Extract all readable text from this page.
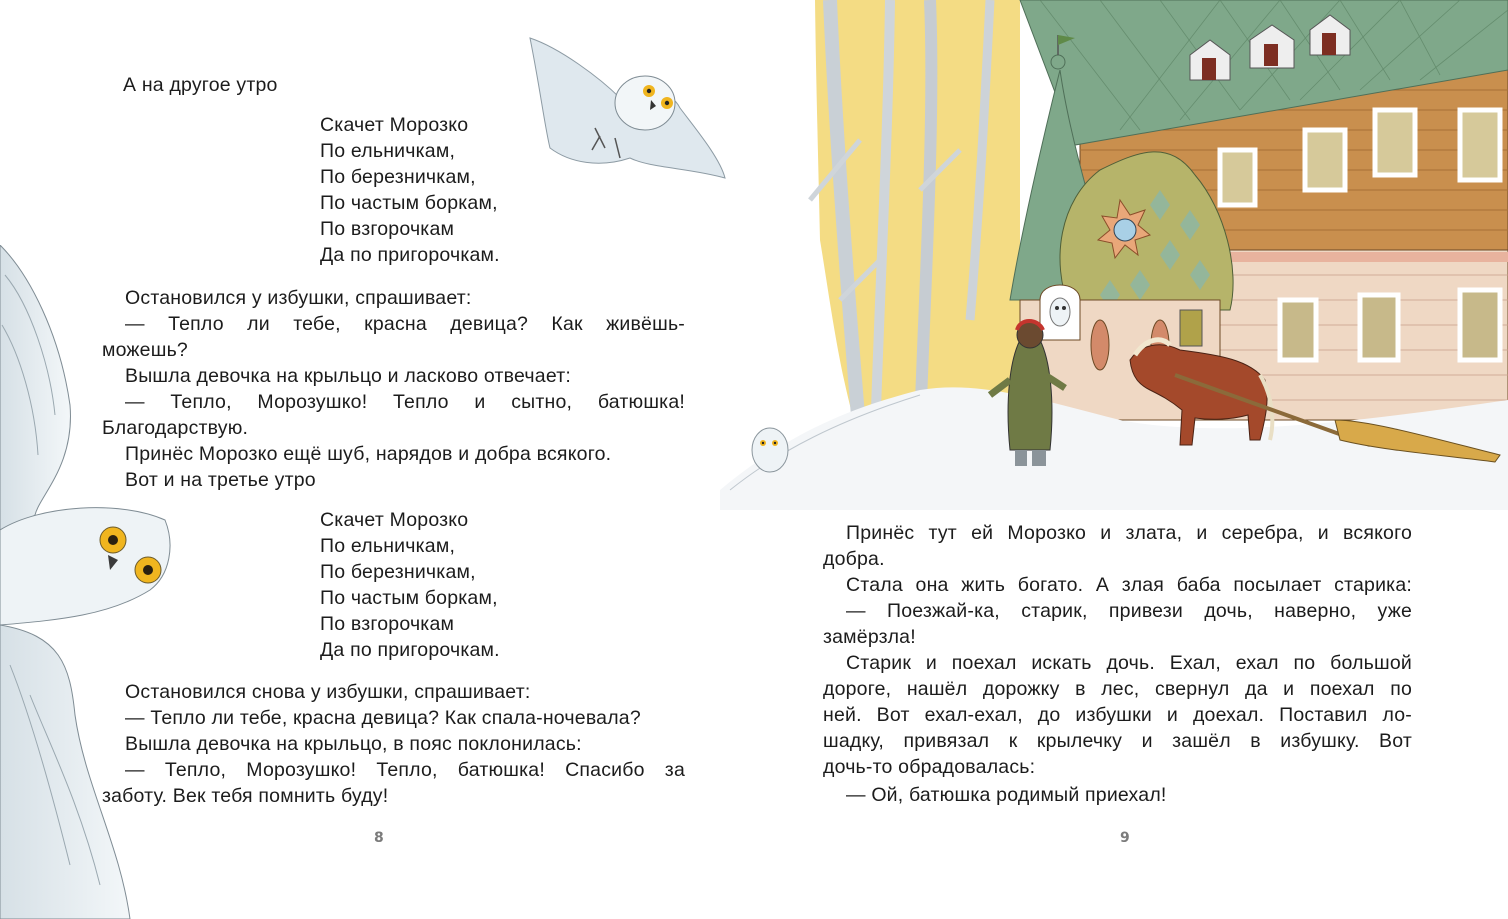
А на другое утро
Скачет Морозко
По ельничкам,
По березничкам,
По частым боркам,
По взгорочкам
Да по пригорочкам.
Остановился у избушки, спрашивает:
— Тепло ли тебе, красна девица? Как живёшь-
можешь?
Вышла девочка на крыльцо и ласково отвечает:
— Тепло, Морозушко! Тепло и сытно, батюшка!
Благодарствую.
Принёс Морозко ещё шуб, нарядов и добра всякого.
Вот и на третье утро
Скачет Морозко
По ельничкам,
По березничкам,
По частым боркам,
По взгорочкам
Да по пригорочкам.
Остановился снова у избушки, спрашивает:
— Тепло ли тебе, красна девица? Как спала-ночевала?
Вышла девочка на крыльцо, в пояс поклонилась:
— Тепло, Морозушко! Тепло, батюшка! Спасибо за
заботу. Век тебя помнить буду!
8
Принёс тут ей Морозко и злата, и серебра, и всякого
добра.
Стала она жить богато. А злая баба посылает старика:
— Поезжай-ка, старик, привези дочь, наверно, уже
замёрзла!
Старик и поехал искать дочь. Ехал, ехал по большой
дороге, нашёл дорожку в лес, свернул да и поехал по
ней. Вот ехал-ехал, до избушки и доехал. Поставил ло-
шадку, привязал к крылечку и зашёл в избушку. Вот
дочь-то обрадовалась:
— Ой, батюшка родимый приехал!
9
